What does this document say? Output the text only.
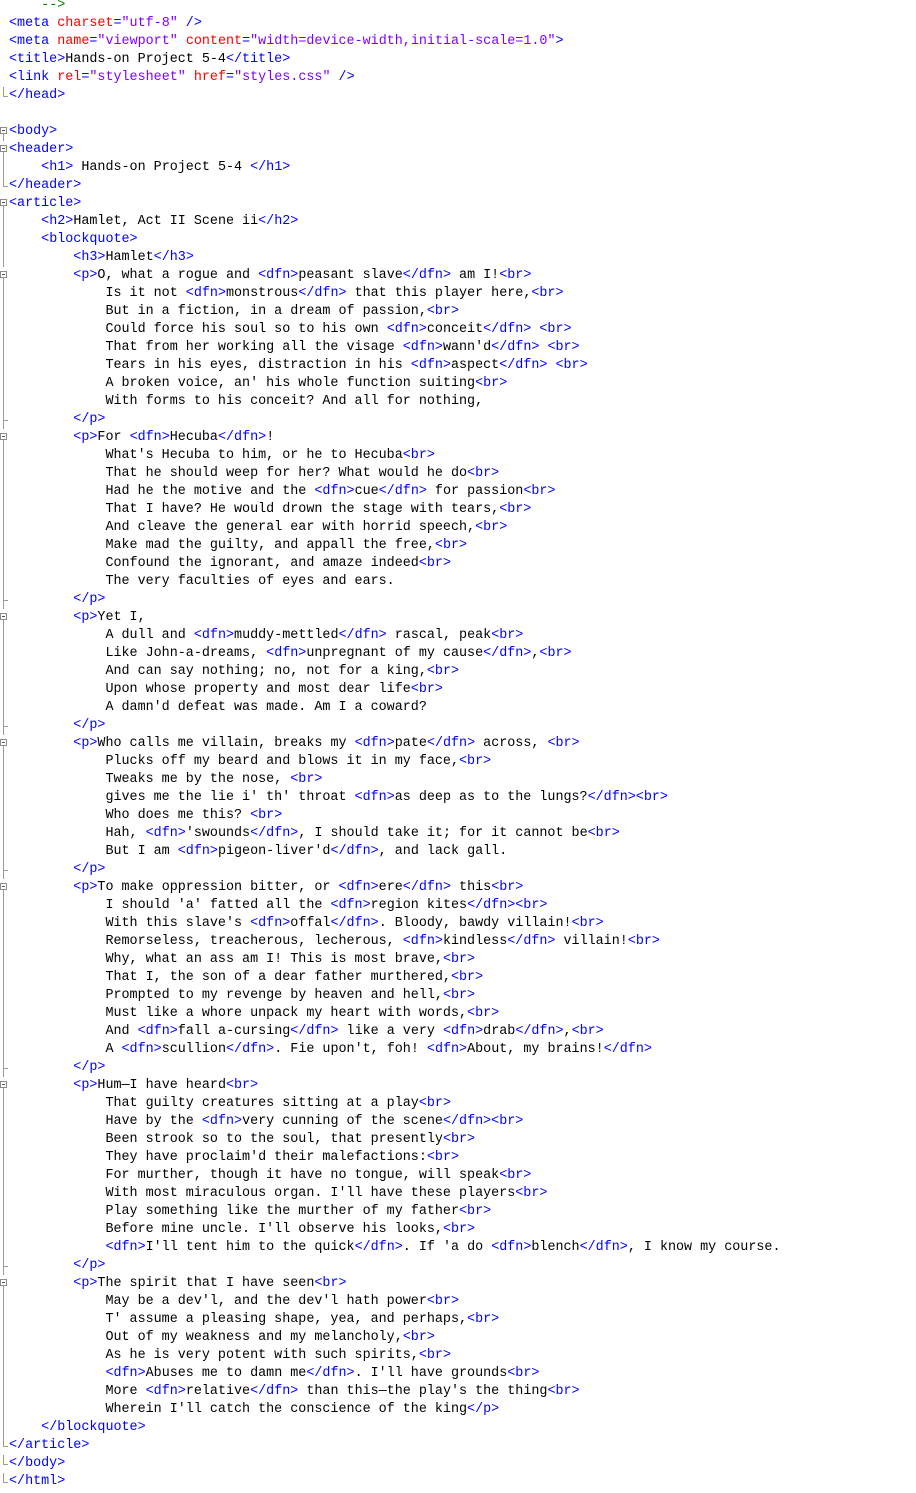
-->
<meta charset="utf-8" />
<meta name="viewport" content="width=device-width,initial-scale=1.0">
<title>Hands-on Project 5-4</title>
<link rel="stylesheet" href="styles.css" />
</head>
<body>
<header>
<h1> Hands-on Project 5-4 </h1>
</header>
<article>
<h2>Hamlet, Act II Scene ii</h2>
<blockquote>
<h3>Hamlet</h3>
<p>O, what a rogue and <dfn>peasant slave</dfn> am I!<br>
Is it not <dfn>monstrous</dfn> that this player here,<br>
But in a fiction, in a dream of passion,<br>
Could force his soul so to his own <dfn>conceit</dfn> <br>
That from her working all the visage <dfn>wann'd</dfn> <br>
Tears in his eyes, distraction in his <dfn>aspect</dfn> <br>
A broken voice, an' his whole function suiting<br>
With forms to his conceit? And all for nothing,
</p>
<p>For <dfn>Hecuba</dfn>!
What's Hecuba to him, or he to Hecuba<br>
That he should weep for her? What would he do<br>
Had he the motive and the <dfn>cue</dfn> for passion<br>
That I have? He would drown the stage with tears,<br>
And cleave the general ear with horrid speech,<br>
Make mad the guilty, and appall the free,<br>
Confound the ignorant, and amaze indeed<br>
The very faculties of eyes and ears.
</p>
<p>Yet I,
A dull and <dfn>muddy-mettled</dfn> rascal, peak<br>
Like John-a-dreams, <dfn>unpregnant of my cause</dfn>,<br>
And can say nothing; no, not for a king,<br>
Upon whose property and most dear life<br>
A damn'd defeat was made. Am I a coward?
</p>
<p>Who calls me villain, breaks my <dfn>pate</dfn> across, <br>
Plucks off my beard and blows it in my face,<br>
Tweaks me by the nose, <br>
gives me the lie i' th' throat <dfn>as deep as to the lungs?</dfn><br>
Who does me this? <br>
Hah, <dfn>'swounds</dfn>, I should take it; for it cannot be<br>
But I am <dfn>pigeon-liver'd</dfn>, and lack gall.
</p>
<p>To make oppression bitter, or <dfn>ere</dfn> this<br>
I should 'a' fatted all the <dfn>region kites</dfn><br>
With this slave's <dfn>offal</dfn>. Bloody, bawdy villain!<br>
Remorseless, treacherous, lecherous, <dfn>kindless</dfn> villain!<br>
Why, what an ass am I! This is most brave,<br>
That I, the son of a dear father murthered,<br>
Prompted to my revenge by heaven and hell,<br>
Must like a whore unpack my heart with words,<br>
And <dfn>fall a-cursing</dfn> like a very <dfn>drab</dfn>,<br>
A <dfn>scullion</dfn>. Fie upon't, foh! <dfn>About, my brains!</dfn>
</p>
<p>Hum—I have heard<br>
That guilty creatures sitting at a play<br>
Have by the <dfn>very cunning of the scene</dfn><br>
Been strook so to the soul, that presently<br>
They have proclaim'd their malefactions:<br>
For murther, though it have no tongue, will speak<br>
With most miraculous organ. I'll have these players<br>
Play something like the murther of my father<br>
Before mine uncle. I'll observe his looks,<br>
<dfn>I'll tent him to the quick</dfn>. If 'a do <dfn>blench</dfn>, I know my course.
</p>
<p>The spirit that I have seen<br>
May be a dev'l, and the dev'l hath power<br>
T' assume a pleasing shape, yea, and perhaps,<br>
Out of my weakness and my melancholy,<br>
As he is very potent with such spirits,<br>
<dfn>Abuses me to damn me</dfn>. I'll have grounds<br>
More <dfn>relative</dfn> than this—the play's the thing<br>
Wherein I'll catch the conscience of the king</p>
</blockquote>
</article>
</body>
</html>
